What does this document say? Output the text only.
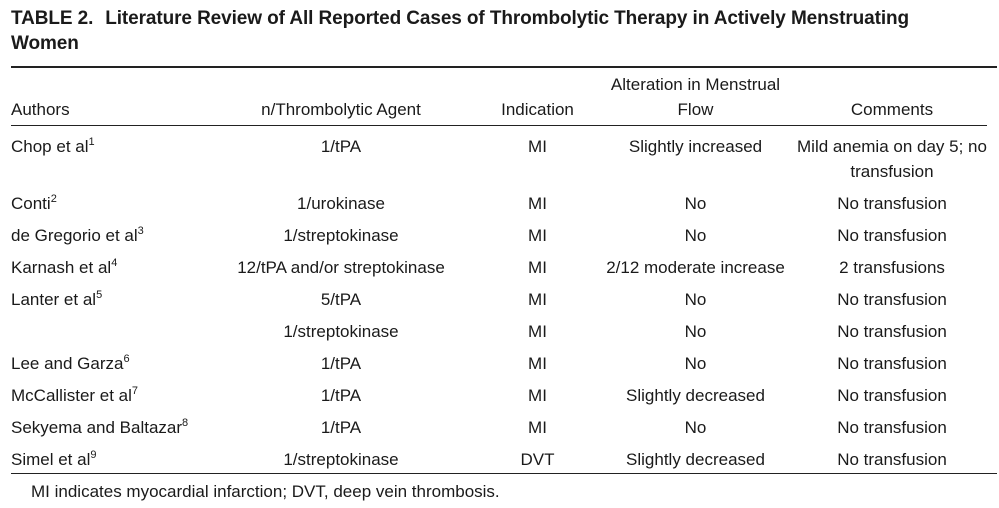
TABLE 2. Literature Review of All Reported Cases of Thrombolytic Therapy in Actively Menstruating Women
Authors	n/Thrombolytic Agent	Indication	Alteration in Menstrual Flow	Comments
Chop et $al^1$	1/tPA	MI	Slightly increased	Mild anemia on day 5; no transfusion
Conti$^2$	1/urokinase	MI	No	No transfusion
de Gregorio et $al^3$	1/streptokinase	MI	No	No transfusion
Karnash et $al^4$	12/tPA and/or streptokinase	MI	2/12 moderate increase	2 transfusions
Lanter et $al^5$	5/tPA	MI	No	No transfusion
	1/streptokinase	MI	No	No transfusion
Lee and Garza$^6$	1/tPA	MI	No	No transfusion
McCallister et $al^7$	1/tPA	MI	Slightly decreased	No transfusion
Sekyema and Baltazar$^8$	1/tPA	MI	No	No transfusion
Simel et $al^9$	1/streptokinase	DVT	Slightly decreased	No transfusion
MI indicates myocardial infarction; DVT, deep vein thrombosis.
